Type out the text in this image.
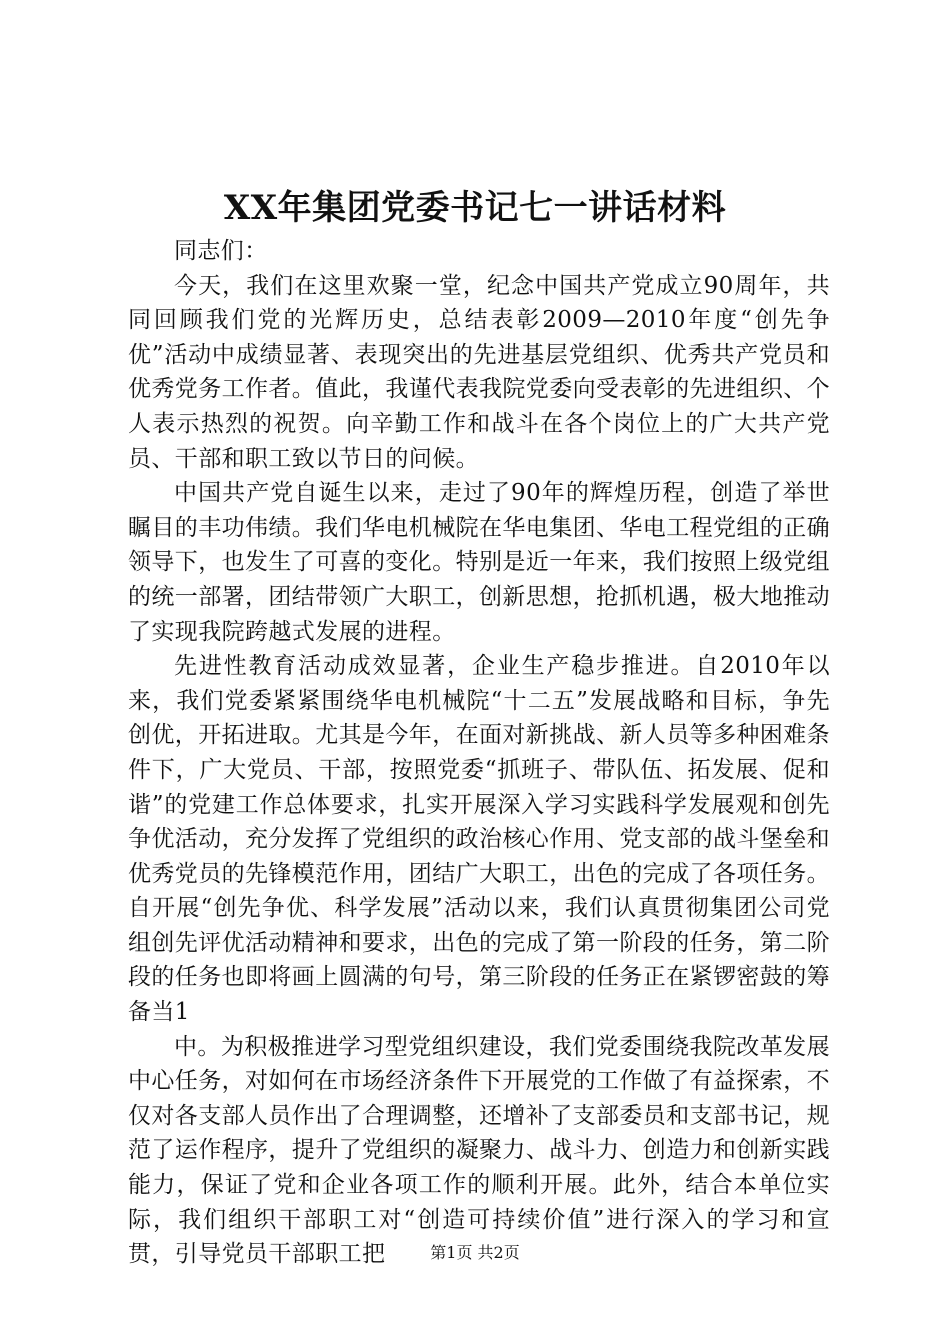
XX年集团党委书记七一讲话材料

同志们：

今天，我们在这里欢聚一堂，纪念中国共产党成立90周年，共同回顾我们党的光辉历史，总结表彰2009—2010年度“创先争优”活动中成绩显著、表现突出的先进基层党组织、优秀共产党员和优秀党务工作者。值此，我谨代表我院党委向受表彰的先进组织、个人表示热烈的祝贺。向辛勤工作和战斗在各个岗位上的广大共产党员、干部和职工致以节日的问候。

中国共产党自诞生以来，走过了90年的辉煌历程，创造了举世瞩目的丰功伟绩。我们华电机械院在华电集团、华电工程党组的正确领导下，也发生了可喜的变化。特别是近一年来，我们按照上级党组的统一部署，团结带领广大职工，创新思想，抢抓机遇，极大地推动了实现我院跨越式发展的进程。

先进性教育活动成效显著，企业生产稳步推进。自2010年以来，我们党委紧紧围绕华电机械院“十二五”发展战略和目标，争先创优，开拓进取。尤其是今年，在面对新挑战、新人员等多种困难条件下，广大党员、干部，按照党委“抓班子、带队伍、拓发展、促和谐”的党建工作总体要求，扎实开展深入学习实践科学发展观和创先争优活动，充分发挥了党组织的政治核心作用、党支部的战斗堡垒和优秀党员的先锋模范作用，团结广大职工，出色的完成了各项任务。自开展“创先争优、科学发展”活动以来，我们认真贯彻集团公司党组创先评优活动精神和要求，出色的完成了第一阶段的任务，第二阶段的任务也即将画上圆满的句号，第三阶段的任务正在紧锣密鼓的筹备当1

中。为积极推进学习型党组织建设，我们党委围绕我院改革发展中心任务，对如何在市场经济条件下开展党的工作做了有益探索，不仅对各支部人员作出了合理调整，还增补了支部委员和支部书记，规范了运作程序，提升了党组织的凝聚力、战斗力、创造力和创新实践能力，保证了党和企业各项工作的顺利开展。此外，结合本单位实际，我们组织干部职工对“创造可持续价值”进行深入的学习和宣贯，引导党员干部职工把	第1页 共2页
